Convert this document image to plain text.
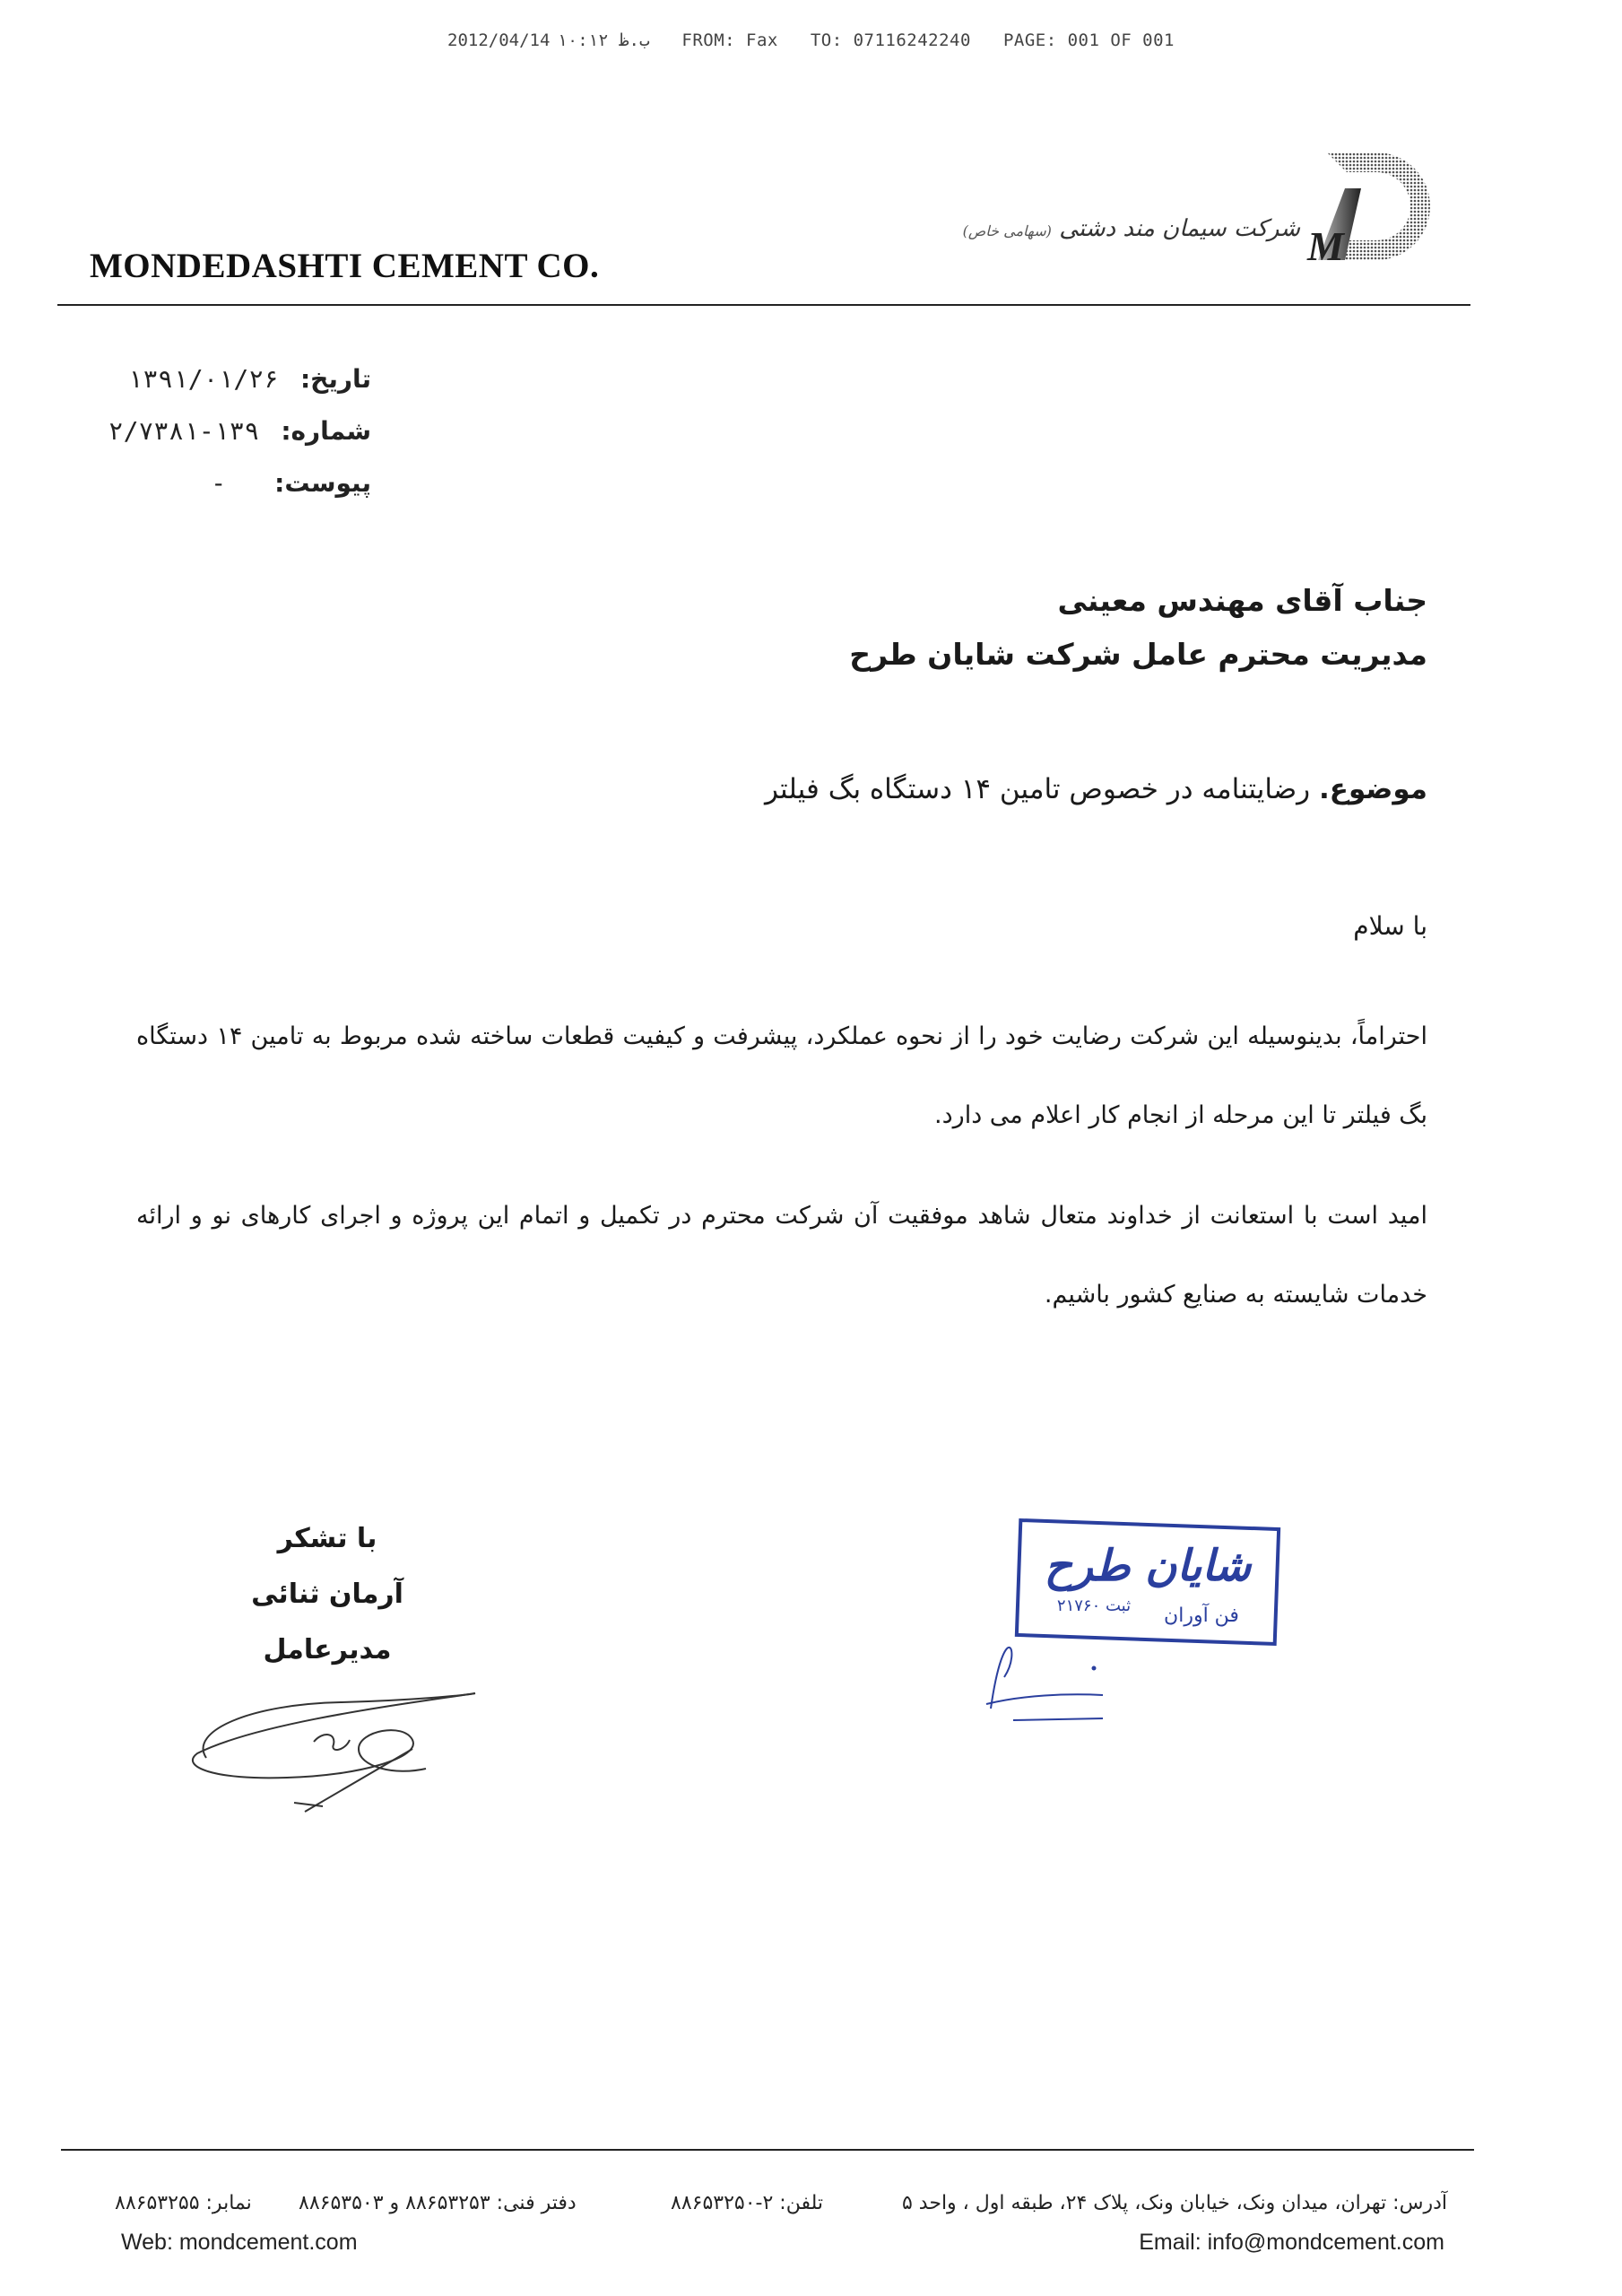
2012/04/14 ب.ظ ۱۰:۱۲ FROM: Fax TO: 07116242240 PAGE: 001 OF 001
MONDEDASHTI CEMENT CO.
شرکت سیمان مند دشتی (سهامی خاص)	M
تاریخ:۱۳۹۱/۰۱/۲۶
شماره:۱۳۹-۲/۷۳۸۱
پیوست:-
جناب آقای مهندس معینی
مدیریت محترم عامل شرکت شایان طرح
موضوع. رضایتنامه در خصوص تامین ۱۴ دستگاه بگ فیلتر
با سلام
احتراماً، بدینوسیله این شرکت رضایت خود را از نحوه عملکرد، پیشرفت و کیفیت قطعات ساخته شده مربوط به تامین ۱۴ دستگاه بگ فیلتر تا این مرحله از انجام کار اعلام می دارد.
امید است با استعانت از خداوند متعال شاهد موفقیت آن شرکت محترم در تکمیل و اتمام این پروژه و اجرای کارهای نو و ارائه خدمات شایسته به صنایع کشور باشیم.
با تشکر
آرمان ثنائی
مدیرعامل
شایان طرح
فن آوران
ثبت ۲۱۷۶۰
آدرس: تهران، میدان ونک، خیابان ونک، پلاک ۲۴، طبقه اول ، واحد ۵
تلفن: ۲-۸۸۶۵۳۲۵۰
دفتر فنی: ۸۸۶۵۳۲۵۳ و ۸۸۶۵۳۵۰۳
نمابر: ۸۸۶۵۳۲۵۵
Web: mondcement.com	Email: info@mondcement.com
